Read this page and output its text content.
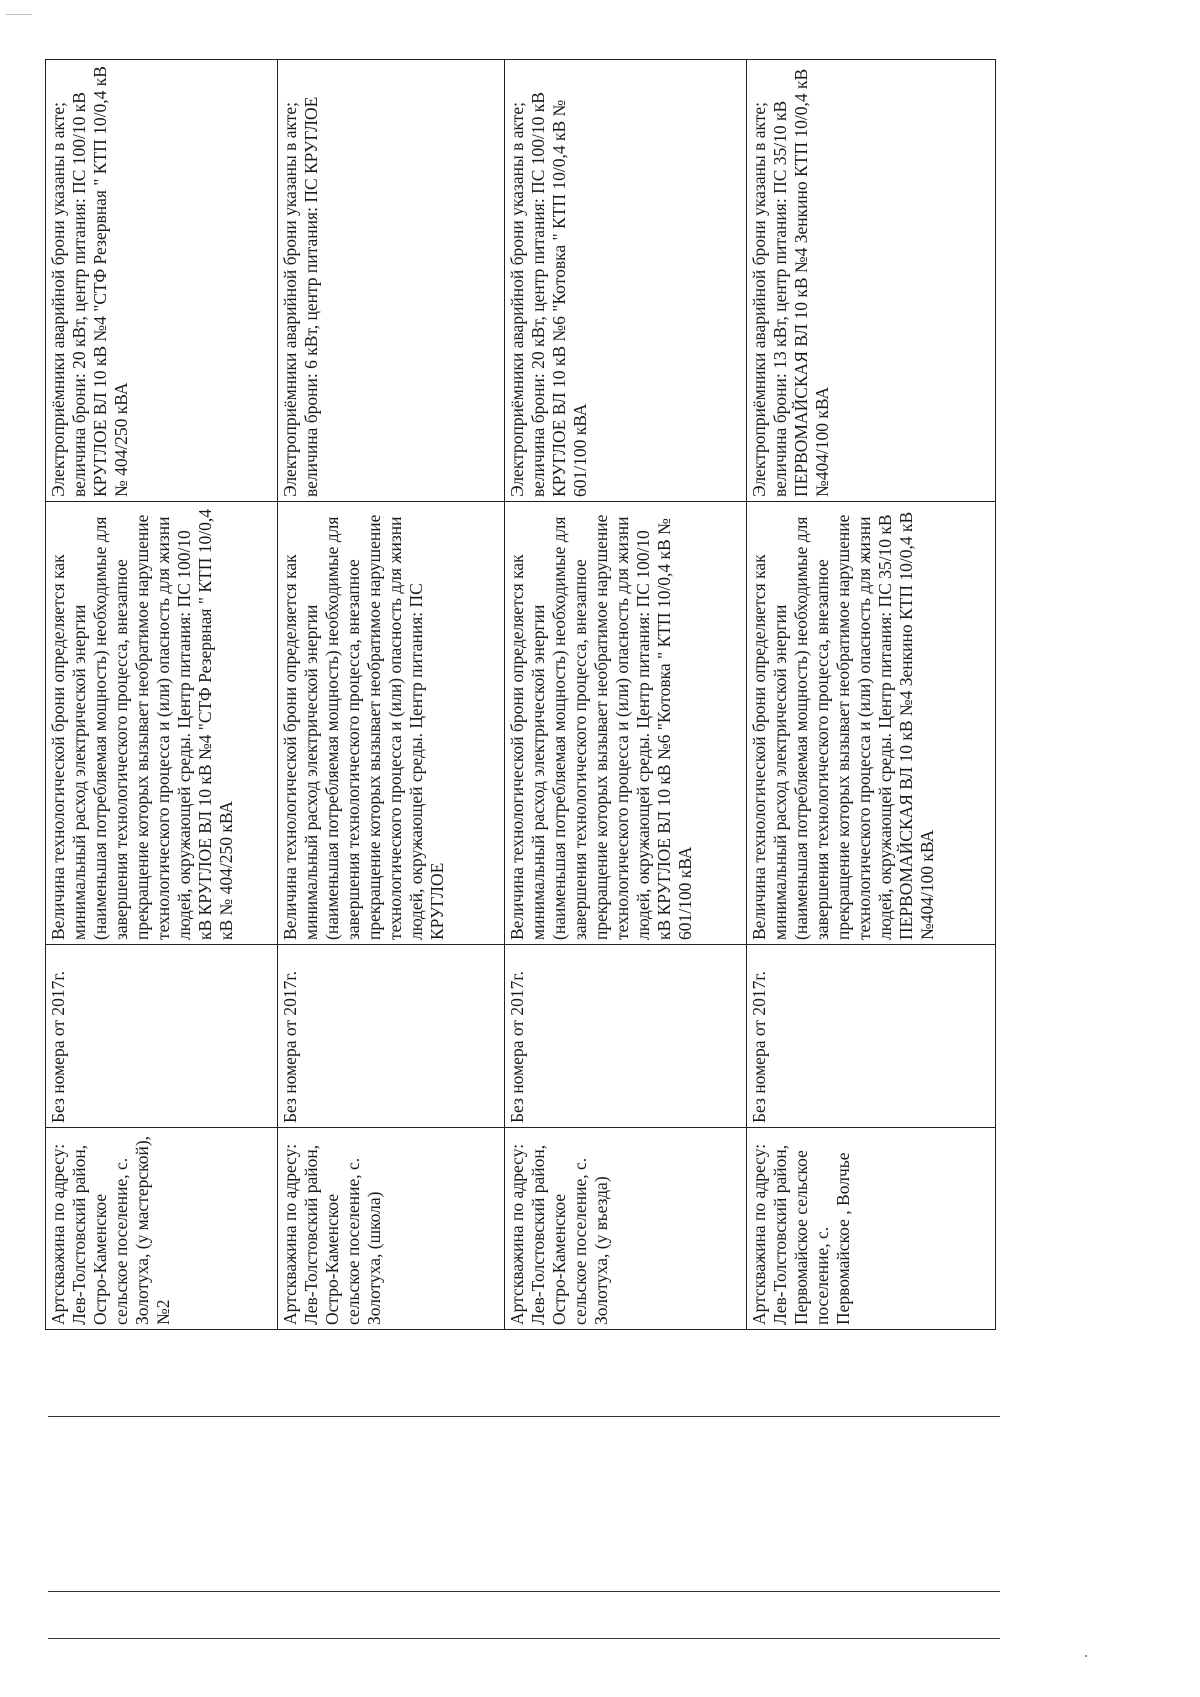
Артскважина по адресу: Лев-Толстовский район, Остро-Каменское сельское поселение, с. Золотуха, (у мастерской), №2	Без номера от 2017г.	Величина технологической брони определяется как минимальный расход электрической энергии (наименьшая потребляемая мощность) необходимые для завершения технологического процесса, внезапное прекращение которых вызывает необратимое нарушение технологического процесса и (или) опасность для жизни людей, окружающей среды. Центр питания: ПС 100/10 кВ КРУГЛОЕ ВЛ 10 кВ №4 "СТФ Резервная " КТП 10/0,4 кВ № 404/250 кВА	Электроприёмники аварийной брони указаны в акте; величина брони: 20 кВт, центр питания: ПС 100/10 кВ КРУГЛОЕ ВЛ 10 кВ №4 "СТФ Резервная " КТП 10/0,4 кВ № 404/250 кВА
Артскважина по адресу: Лев-Толстовский район, Остро-Каменское сельское поселение, с. Золотуха, (школа)	Без номера от 2017г.	Величина технологической брони определяется как минимальный расход электрической энергии (наименьшая потребляемая мощность) необходимые для завершения технологического процесса, внезапное прекращение которых вызывает необратимое нарушение технологического процесса и (или) опасность для жизни людей, окружающей среды. Центр питания: ПС КРУГЛОЕ	Электроприёмники аварийной брони указаны в акте; величина брони: 6 кВт, центр питания: ПС КРУГЛОЕ
Артскважина по адресу: Лев-Толстовский район, Остро-Каменское сельское поселение, с. Золотуха, (у въезда)	Без номера от 2017г.	Величина технологической брони определяется как минимальный расход электрической энергии (наименьшая потребляемая мощность) необходимые для завершения технологического процесса, внезапное прекращение которых вызывает необратимое нарушение технологического процесса и (или) опасность для жизни людей, окружающей среды. Центр питания: ПС 100/10 кВ КРУГЛОЕ ВЛ 10 кВ №6 "Котовка " КТП 10/0,4 кВ № 601/100 кВА	Электроприёмники аварийной брони указаны в акте; величина брони: 20 кВт, центр питания: ПС 100/10 кВ КРУГЛОЕ ВЛ 10 кВ №6 "Котовка " КТП 10/0,4 кВ № 601/100 кВА
Артскважина по адресу: Лев-Толстовский район, Первомайское сельское поселение, с. Первомайское , Волчье	Без номера от 2017г.	Величина технологической брони определяется как минимальный расход электрической энергии (наименьшая потребляемая мощность) необходимые для завершения технологического процесса, внезапное прекращение которых вызывает необратимое нарушение технологического процесса и (или) опасность для жизни людей, окружающей среды. Центр питания: ПС 35/10 кВ ПЕРВОМАЙСКАЯ ВЛ 10 кВ №4 Зенкино КТП 10/0,4 кВ №404/100 кВА	Электроприёмники аварийной брони указаны в акте; величина брони: 13 кВт, центр питания: ПС 35/10 кВ ПЕРВОМАЙСКАЯ ВЛ 10 кВ №4 Зенкино КТП 10/0,4 кВ №404/100 кВА
